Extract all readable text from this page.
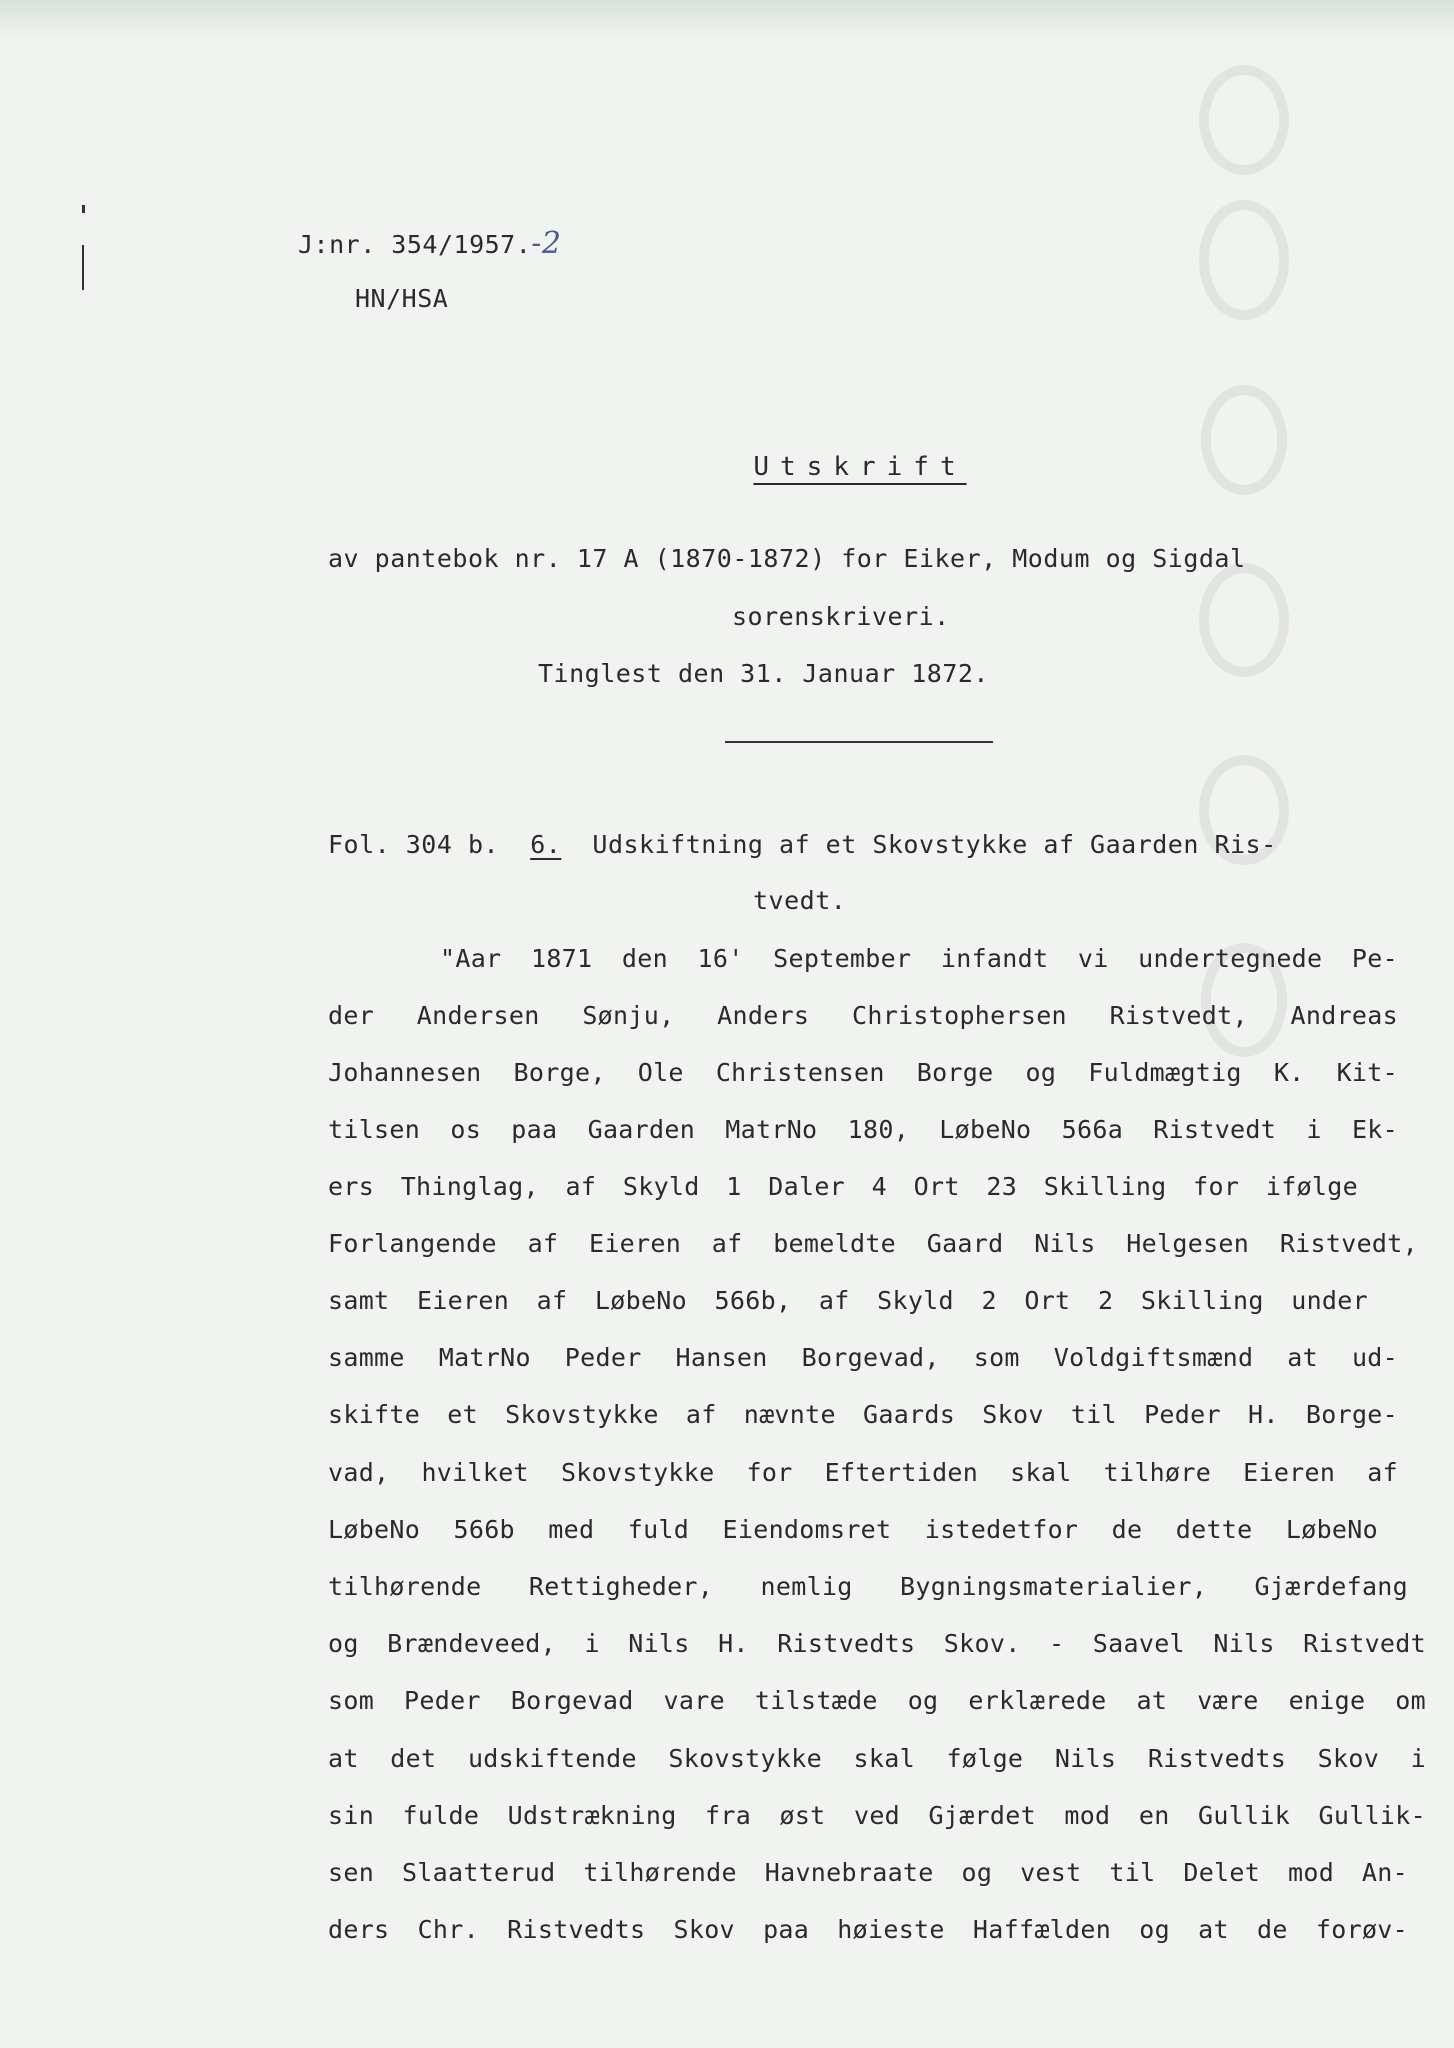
J:nr. 354/1957.-2
HN/HSA
Utskrift
av pantebok nr. 17 A (1870-1872) for Eiker, Modum og Sigdal
sorenskriveri.
Tinglest den 31. Januar 1872.
Fol. 304 b. 6. Udskiftning af et Skovstykke af Gaarden Ris-
tvedt.
"Aar 1871 den 16' September infandt vi undertegnede Pe-
der Andersen Sønju, Anders Christophersen Ristvedt, Andreas
Johannesen Borge, Ole Christensen Borge og Fuldmægtig K. Kit-
tilsen os paa Gaarden MatrNo 180, LøbeNo 566a Ristvedt i Ek-
ers Thinglag, af Skyld 1 Daler 4 Ort 23 Skilling for ifølge
Forlangende af Eieren af bemeldte Gaard Nils Helgesen Ristvedt,
samt Eieren af LøbeNo 566b, af Skyld 2 Ort 2 Skilling under
samme MatrNo Peder Hansen Borgevad, som Voldgiftsmænd at ud-
skifte et Skovstykke af nævnte Gaards Skov til Peder H. Borge-
vad, hvilket Skovstykke for Eftertiden skal tilhøre Eieren af
LøbeNo 566b med fuld Eiendomsret istedetfor de dette LøbeNo
tilhørende Rettigheder, nemlig Bygningsmaterialier, Gjærdefang
og Brændeveed, i Nils H. Ristvedts Skov. - Saavel Nils Ristvedt
som Peder Borgevad vare tilstæde og erklærede at være enige om
at det udskiftende Skovstykke skal følge Nils Ristvedts Skov i
sin fulde Udstrækning fra øst ved Gjærdet mod en Gullik Gullik-
sen Slaatterud tilhørende Havnebraate og vest til Delet mod An-
ders Chr. Ristvedts Skov paa høieste Haffælden og at de forøv-
